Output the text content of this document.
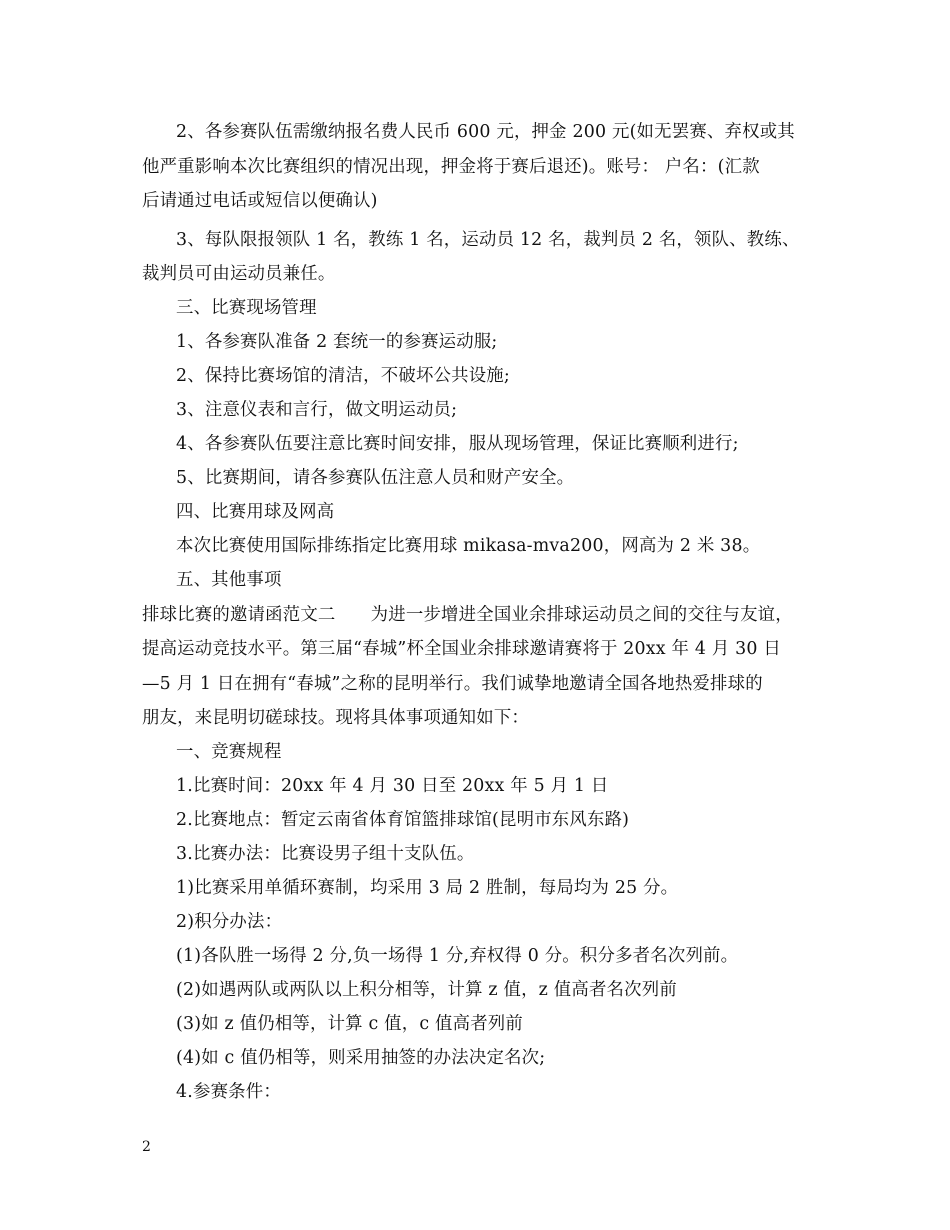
2、各参赛队伍需缴纳报名费人民币 600 元，押金 200 元(如无罢赛、弃权或其
他严重影响本次比赛组织的情况出现，押金将于赛后退还)。账号： 户名：(汇款
后请通过电话或短信以便确认)
3、每队限报领队 1 名，教练 1 名，运动员 12 名，裁判员 2 名，领队、教练、
裁判员可由运动员兼任。
三、比赛现场管理
1、各参赛队准备 2 套统一的参赛运动服;
2、保持比赛场馆的清洁，不破坏公共设施;
3、注意仪表和言行，做文明运动员;
4、各参赛队伍要注意比赛时间安排，服从现场管理，保证比赛顺利进行;
5、比赛期间，请各参赛队伍注意人员和财产安全。
四、比赛用球及网高
本次比赛使用国际排练指定比赛用球 mikasa-mva200，网高为 2 米 38。
五、其他事项
排球比赛的邀请函范文二　　为进一步增进全国业余排球运动员之间的交往与友谊，
提高运动竞技水平。第三届“春城”杯全国业余排球邀请赛将于 20xx 年 4 月 30 日
—5 月 1 日在拥有“春城”之称的昆明举行。我们诚挚地邀请全国各地热爱排球的
朋友，来昆明切磋球技。现将具体事项通知如下：
一、竞赛规程
1.比赛时间：20xx 年 4 月 30 日至 20xx 年 5 月 1 日
2.比赛地点：暂定云南省体育馆篮排球馆(昆明市东风东路)
3.比赛办法：比赛设男子组十支队伍。
1)比赛采用单循环赛制，均采用 3 局 2 胜制，每局均为 25 分。
2)积分办法：
(1)各队胜一场得 2 分,负一场得 1 分,弃权得 0 分。积分多者名次列前。
(2)如遇两队或两队以上积分相等，计算 z 值，z 值高者名次列前
(3)如 z 值仍相等，计算 c 值，c 值高者列前
(4)如 c 值仍相等，则采用抽签的办法决定名次;
4.参赛条件：
2
